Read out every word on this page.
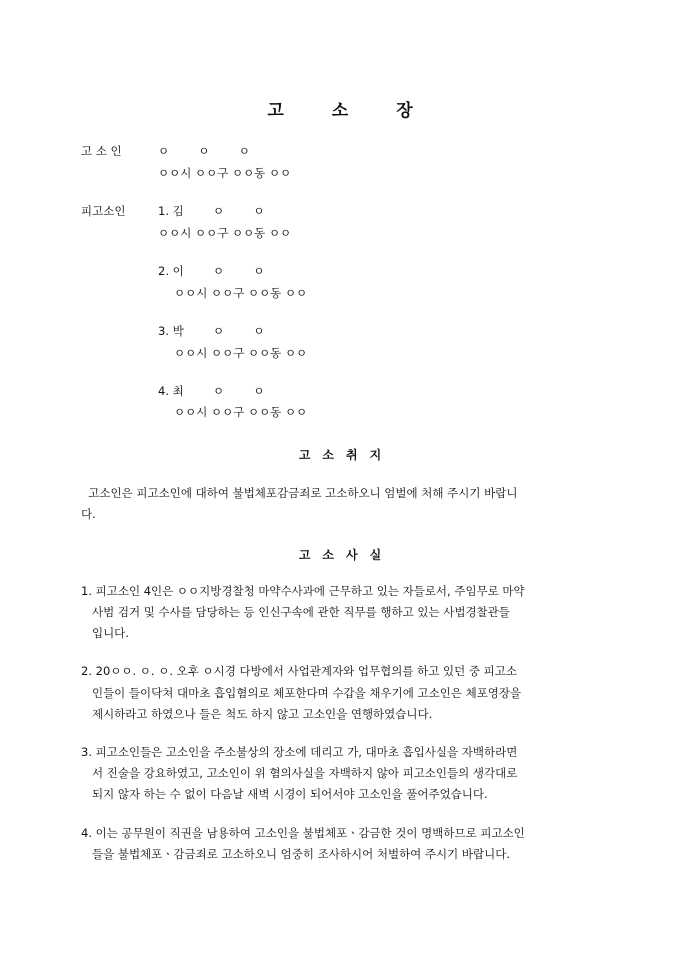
고	소	장
고 소 인	ㅇ        ㅇ        ㅇ
ㅇㅇ시 ㅇㅇ구 ㅇㅇ동 ㅇㅇ
피고소인	1. 김        ㅇ        ㅇ
ㅇㅇ시 ㅇㅇ구 ㅇㅇ동 ㅇㅇ
2. 이        ㅇ        ㅇ
ㅇㅇ시 ㅇㅇ구 ㅇㅇ동 ㅇㅇ
3. 박        ㅇ        ㅇ
ㅇㅇ시 ㅇㅇ구 ㅇㅇ동 ㅇㅇ
4. 최        ㅇ        ㅇ
ㅇㅇ시 ㅇㅇ구 ㅇㅇ동 ㅇㅇ
고 소 취 지
고소인은 피고소인에 대하여 불법체포감금죄로 고소하오니 엄벌에 처해 주시기 바랍니
다.
고 소 사 실
1. 피고소인 4인은 ㅇㅇ지방경찰청 마약수사과에 근무하고 있는 자들로서, 주임무로 마약
사범 검거 및 수사를 담당하는 등 인신구속에 관한 직무를 행하고 있는 사법경찰관들
입니다.
2. 20ㅇㅇ. ㅇ. ㅇ. 오후 ㅇ시경 다방에서 사업관계자와 업무협의를 하고 있던 중 피고소
인들이 들이닥쳐 대마초 흡입혐의로 체포한다며 수갑을 채우기에 고소인은 체포영장을
제시하라고 하였으나 들은 척도 하지 않고 고소인을 연행하였습니다.
3. 피고소인들은 고소인을 주소불상의 장소에 데리고 가, 대마초 흡입사실을 자백하라면
서 진술을 강요하였고, 고소인이 위 혐의사실을 자백하지 않아 피고소인들의 생각대로
되지 않자 하는 수 없이 다음날 새벽 시경이 되어서야 고소인을 풀어주었습니다.
4. 이는 공무원이 직권을 남용하여 고소인을 불법체포ㆍ감금한 것이 명백하므로 피고소인
들을 불법체포ㆍ감금죄로 고소하오니 엄중히 조사하시어 처벌하여 주시기 바랍니다.
